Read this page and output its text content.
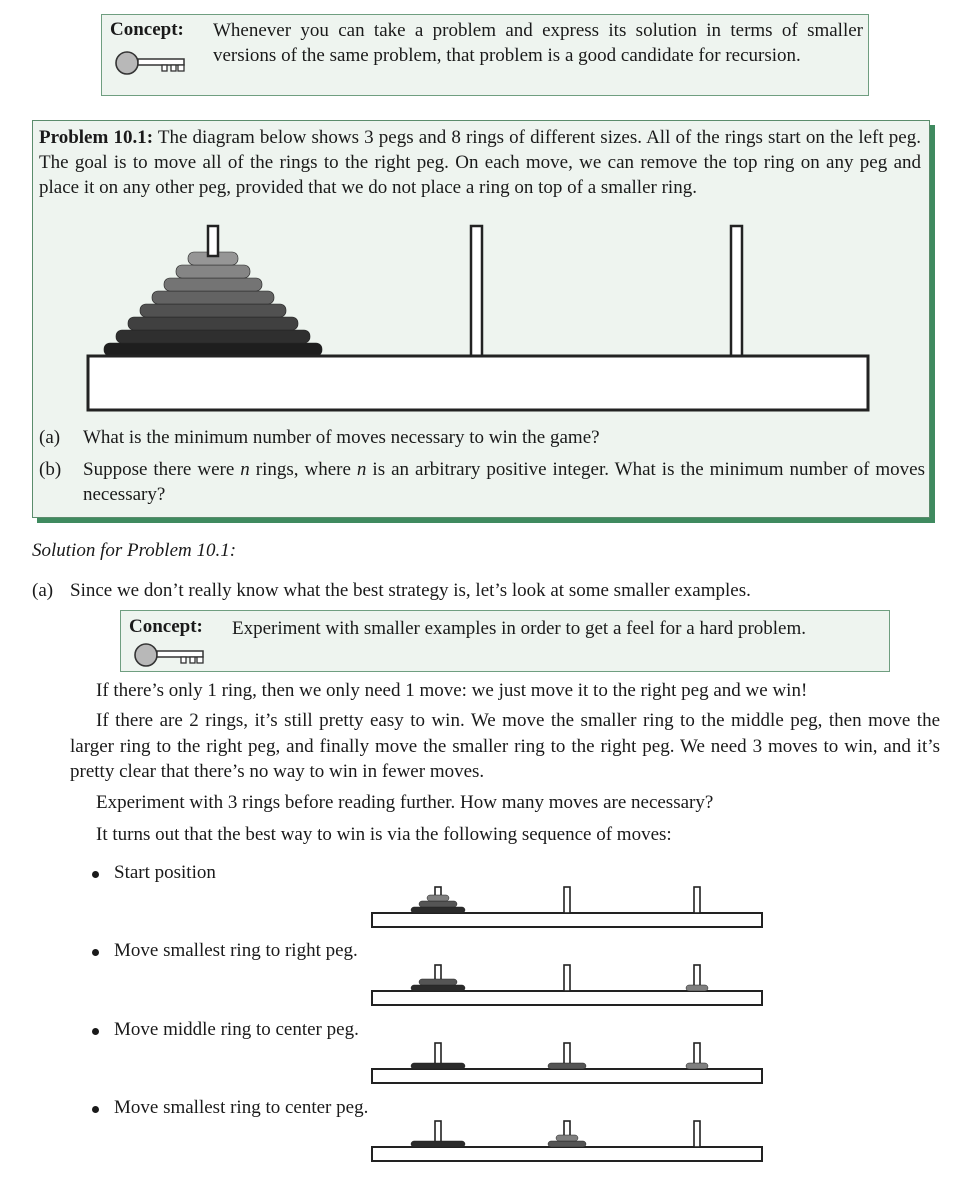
Concept: Whenever you can take a problem and express its solution in terms of smaller versions of the same problem, that problem is a good candidate for recursion.
Problem 10.1: The diagram below shows 3 pegs and 8 rings of different sizes. All of the rings start on the left peg. The goal is to move all of the rings to the right peg. On each move, we can remove the top ring on any peg and place it on any other peg, provided that we do not place a ring on top of a smaller ring.
(a) What is the minimum number of moves necessary to win the game?
(b) Suppose there were n rings, where n is an arbitrary positive integer. What is the minimum number of moves necessary?
Solution for Problem 10.1:
(a) Since we don’t really know what the best strategy is, let’s look at some smaller examples.
Concept: Experiment with smaller examples in order to get a feel for a hard problem.
If there’s only 1 ring, then we only need 1 move: we just move it to the right peg and we win!
If there are 2 rings, it’s still pretty easy to win. We move the smaller ring to the middle peg, then move the larger ring to the right peg, and finally move the smaller ring to the right peg. We need 3 moves to win, and it’s pretty clear that there’s no way to win in fewer moves.
Experiment with 3 rings before reading further. How many moves are necessary?
It turns out that the best way to win is via the following sequence of moves:
Start position
Move smallest ring to right peg.
Move middle ring to center peg.
Move smallest ring to center peg.
